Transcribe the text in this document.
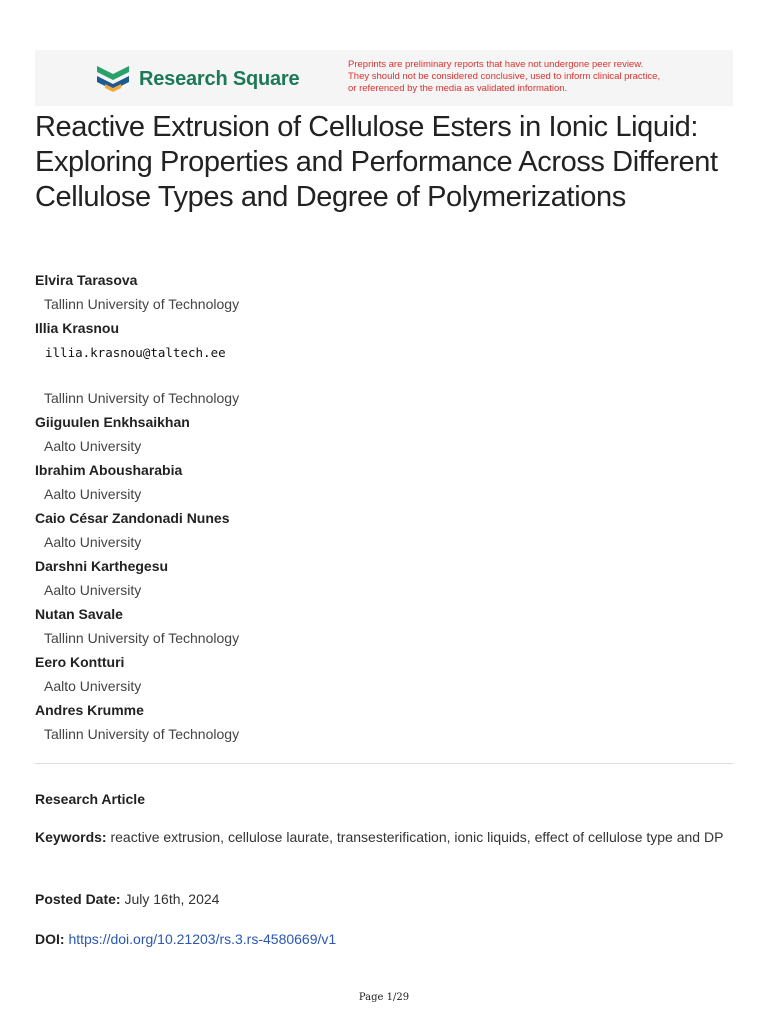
Research Square
Preprints are preliminary reports that have not undergone peer review.
They should not be considered conclusive, used to inform clinical practice,
or referenced by the media as validated information.
Reactive Extrusion of Cellulose Esters in Ionic Liquid: Exploring Properties and Performance Across Different Cellulose Types and Degree of Polymerizations
Elvira Tarasova
Tallinn University of Technology
Illia Krasnou
illia.krasnou@taltech.ee
Tallinn University of Technology
Giiguulen Enkhsaikhan
Aalto University
Ibrahim Abousharabia
Aalto University
Caio César Zandonadi Nunes
Aalto University
Darshni Karthegesu
Aalto University
Nutan Savale
Tallinn University of Technology
Eero Kontturi
Aalto University
Andres Krumme
Tallinn University of Technology
Research Article
Keywords: reactive extrusion, cellulose laurate, transesterification, ionic liquids, effect of cellulose type and DP
Posted Date: July 16th, 2024
DOI: https://doi.org/10.21203/rs.3.rs-4580669/v1
Page 1/29
